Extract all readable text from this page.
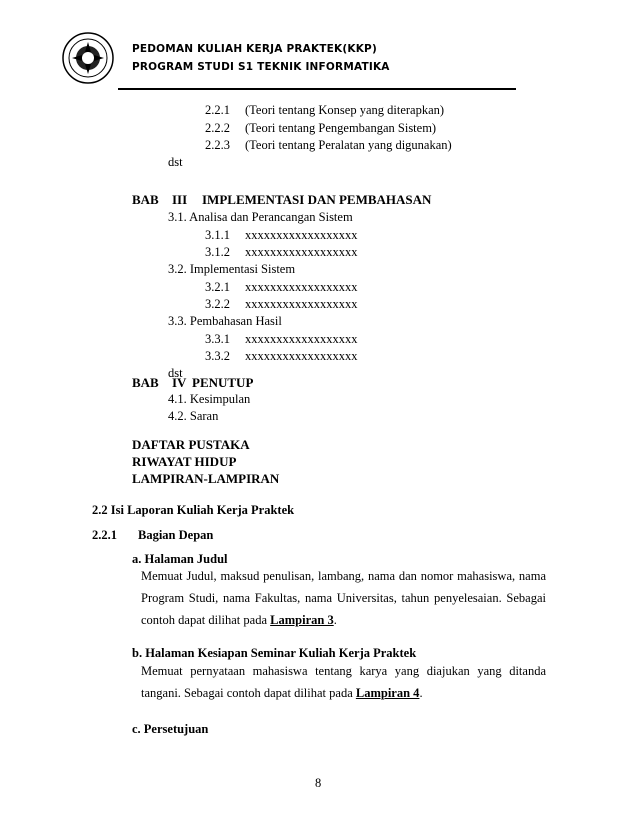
PEDOMAN KULIAH KERJA PRAKTEK(KKP)
PROGRAM STUDI S1 TEKNIK INFORMATIKA
2.2.1 (Teori tentang Konsep yang diterapkan)
2.2.2 (Teori tentang Pengembangan Sistem)
2.2.3 (Teori tentang Peralatan yang digunakan)
dst
BAB III IMPLEMENTASI DAN PEMBAHASAN
3.1. Analisa dan Perancangan Sistem
3.1.1 xxxxxxxxxxxxxxxxxx
3.1.2 xxxxxxxxxxxxxxxxxx
3.2. Implementasi Sistem
3.2.1 xxxxxxxxxxxxxxxxxx
3.2.2 xxxxxxxxxxxxxxxxxx
3.3. Pembahasan Hasil
3.3.1 xxxxxxxxxxxxxxxxxx
3.3.2 xxxxxxxxxxxxxxxxxx
dst
BAB IV PENUTUP
4.1. Kesimpulan
4.2. Saran
DAFTAR PUSTAKA
RIWAYAT HIDUP
LAMPIRAN-LAMPIRAN
2.2 Isi Laporan Kuliah Kerja Praktek
2.2.1 Bagian Depan
a. Halaman Judul
Memuat Judul, maksud penulisan, lambang, nama dan nomor mahasiswa, nama
Program Studi, nama Fakultas, nama Universitas, tahun penyelesaian. Sebagai
contoh dapat dilihat pada Lampiran 3.
b. Halaman Kesiapan Seminar Kuliah Kerja Praktek
Memuat pernyataan mahasiswa tentang karya yang diajukan yang ditanda
tangani. Sebagai contoh dapat dilihat pada Lampiran 4.
c. Persetujuan
8
